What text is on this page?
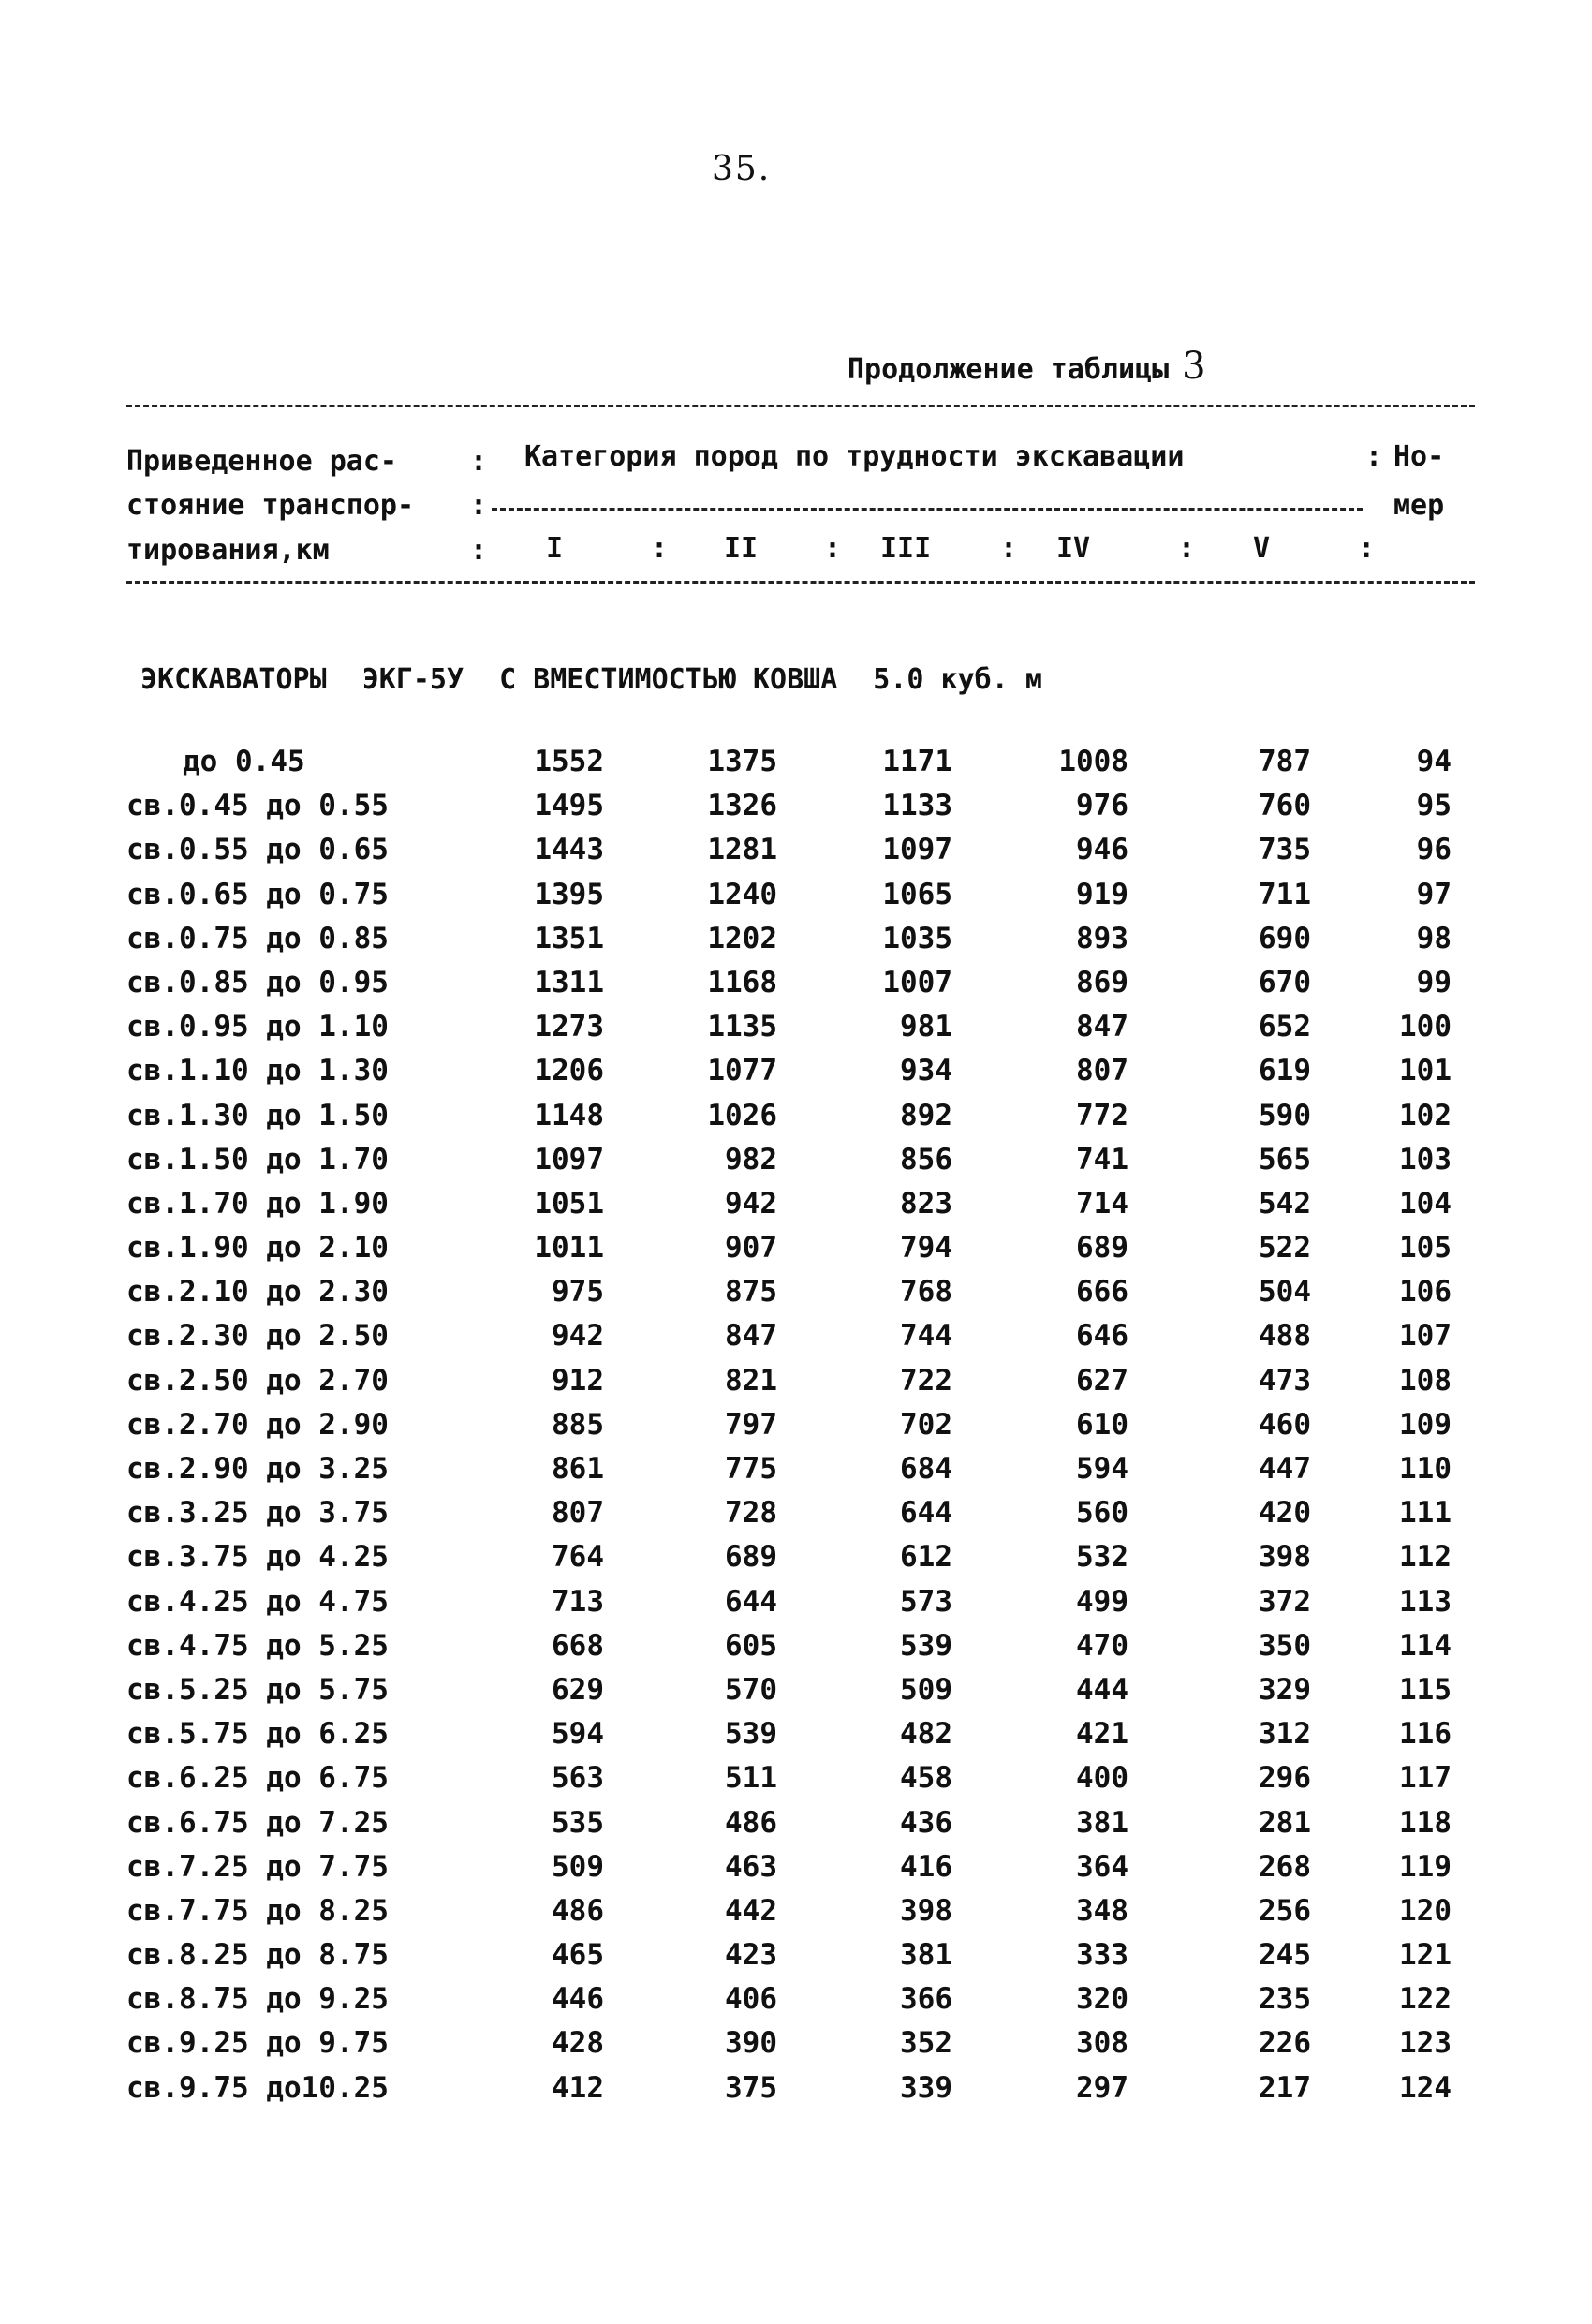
35.
Продолжение таблицы 3
Приведенное рас-
стояние транспор-
тирования,км
:
:
:
:
Категория пород по трудности экскавации	Но-
мер
I	: II : III : IV	: V	:
ЭКСКАВАТОРЫ ЭКГ-5У С ВМЕСТИМОСТЬЮ КОВША 5.0 куб. м
до 0.45	1552	1375	1171	1008	787	94
св.0.45 до 0.55	1495	1326	1133	976	760	95
св.0.55 до 0.65	1443	1281	1097	946	735	96
св.0.65 до 0.75	1395	1240	1065	919	711	97
св.0.75 до 0.85	1351	1202	1035	893	690	98
св.0.85 до 0.95	1311	1168	1007	869	670	99
св.0.95 до 1.10	1273	1135	981	847	652	100
св.1.10 до 1.30	1206	1077	934	807	619	101
св.1.30 до 1.50	1148	1026	892	772	590	102
св.1.50 до 1.70	1097	982	856	741	565	103
св.1.70 до 1.90	1051	942	823	714	542	104
св.1.90 до 2.10	1011	907	794	689	522	105
св.2.10 до 2.30	975	875	768	666	504	106
св.2.30 до 2.50	942	847	744	646	488	107
св.2.50 до 2.70	912	821	722	627	473	108
св.2.70 до 2.90	885	797	702	610	460	109
св.2.90 до 3.25	861	775	684	594	447	110
св.3.25 до 3.75	807	728	644	560	420	111
св.3.75 до 4.25	764	689	612	532	398	112
св.4.25 до 4.75	713	644	573	499	372	113
св.4.75 до 5.25	668	605	539	470	350	114
св.5.25 до 5.75	629	570	509	444	329	115
св.5.75 до 6.25	594	539	482	421	312	116
св.6.25 до 6.75	563	511	458	400	296	117
св.6.75 до 7.25	535	486	436	381	281	118
св.7.25 до 7.75	509	463	416	364	268	119
св.7.75 до 8.25	486	442	398	348	256	120
св.8.25 до 8.75	465	423	381	333	245	121
св.8.75 до 9.25	446	406	366	320	235	122
св.9.25 до 9.75	428	390	352	308	226	123
св.9.75 до10.25	412	375	339	297	217	124
